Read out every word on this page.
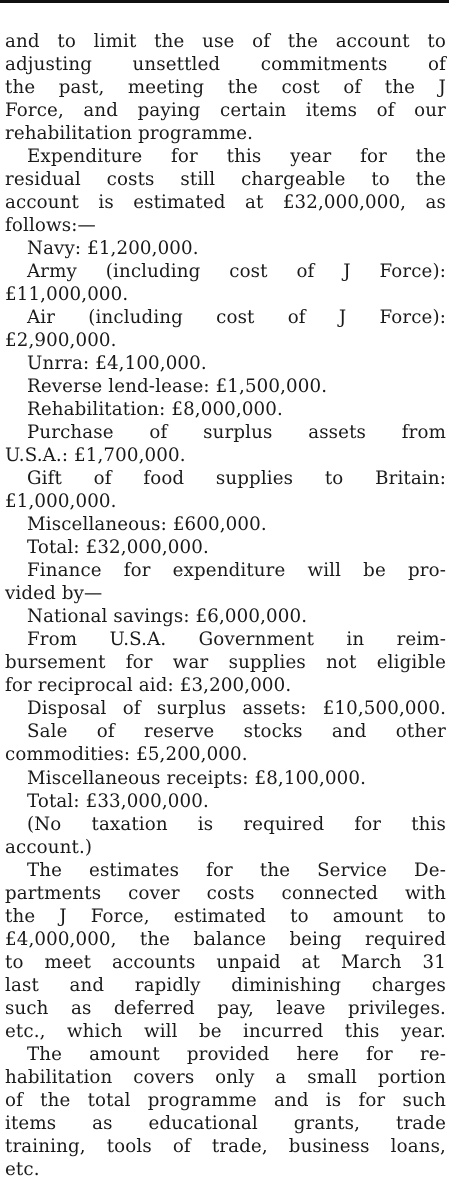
and to limit the use of the account to
adjusting unsettled commitments of
the past, meeting the cost of the J
Force, and paying certain items of our
rehabilitation programme.
Expenditure for this year for the
residual costs still chargeable to the
account is estimated at £32,000,000, as
follows:—
Navy: £1,200,000.
Army (including cost of J Force):
£11,000,000.
Air (including cost of J Force):
£2,900,000.
Unrra: £4,100,000.
Reverse lend-lease: £1,500,000.
Rehabilitation: £8,000,000.
Purchase of surplus assets from
U.S.A.: £1,700,000.
Gift of food supplies to Britain:
£1,000,000.
Miscellaneous: £600,000.
Total: £32,000,000.
Finance for expenditure will be pro-
vided by—
National savings: £6,000,000.
From U.S.A. Government in reim-
bursement for war supplies not eligible
for reciprocal aid: £3,200,000.
Disposal of surplus assets: £10,500,000.
Sale of reserve stocks and other
commodities: £5,200,000.
Miscellaneous receipts: £8,100,000.
Total: £33,000,000.
(No taxation is required for this
account.)
The estimates for the Service De-
partments cover costs connected with
the J Force, estimated to amount to
£4,000,000, the balance being required
to meet accounts unpaid at March 31
last and rapidly diminishing charges
such as deferred pay, leave privileges.
etc., which will be incurred this year.
The amount provided here for re-
habilitation covers only a small portion
of the total programme and is for such
items as educational grants, trade
training, tools of trade, business loans,
etc.
